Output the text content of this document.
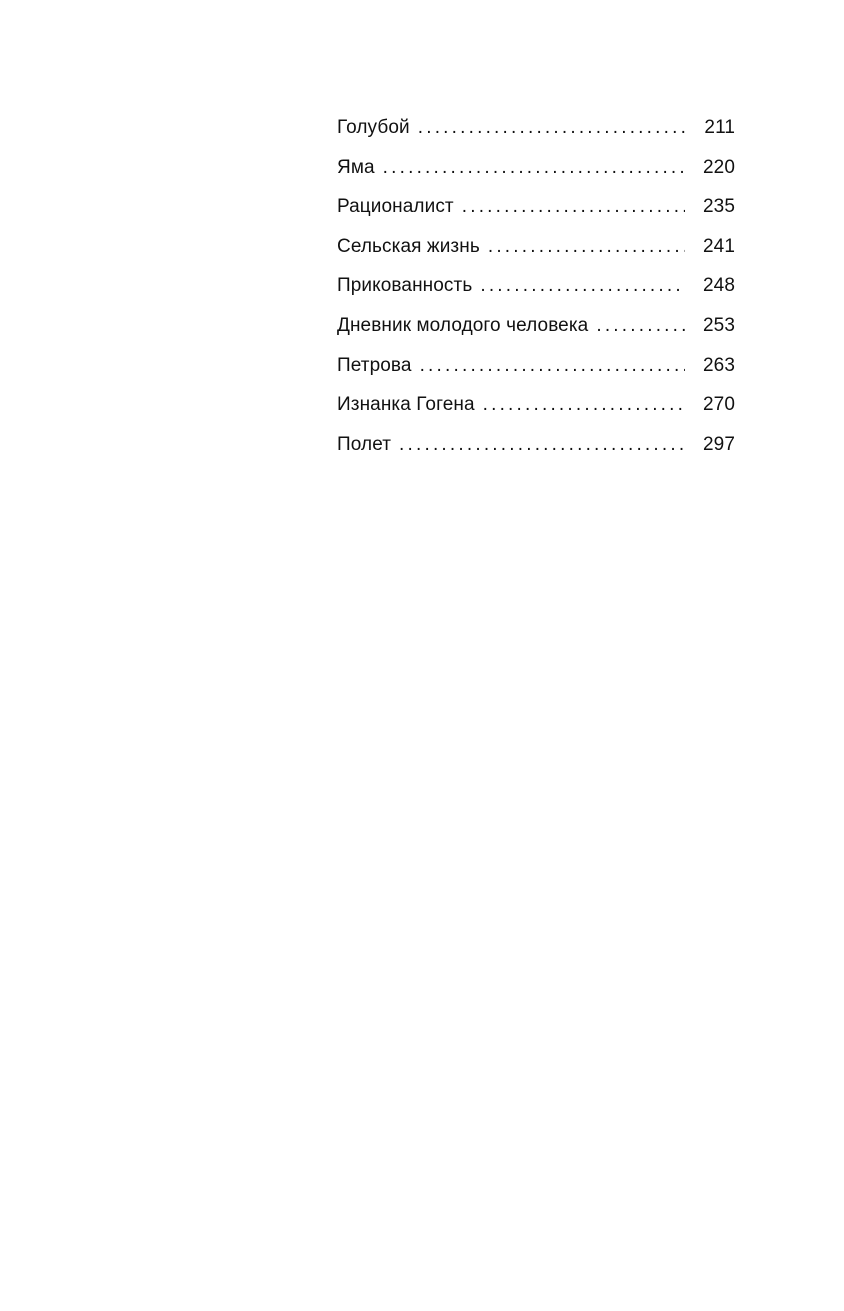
Голубой .....	211
Яма .....	220
Рационалист .....	235
Сельская жизнь .....	241
Прикованность .....	248
Дневник молодого человека .....	253
Петрова .....	263
Изнанка Гогена .....	270
Полет .....	297
